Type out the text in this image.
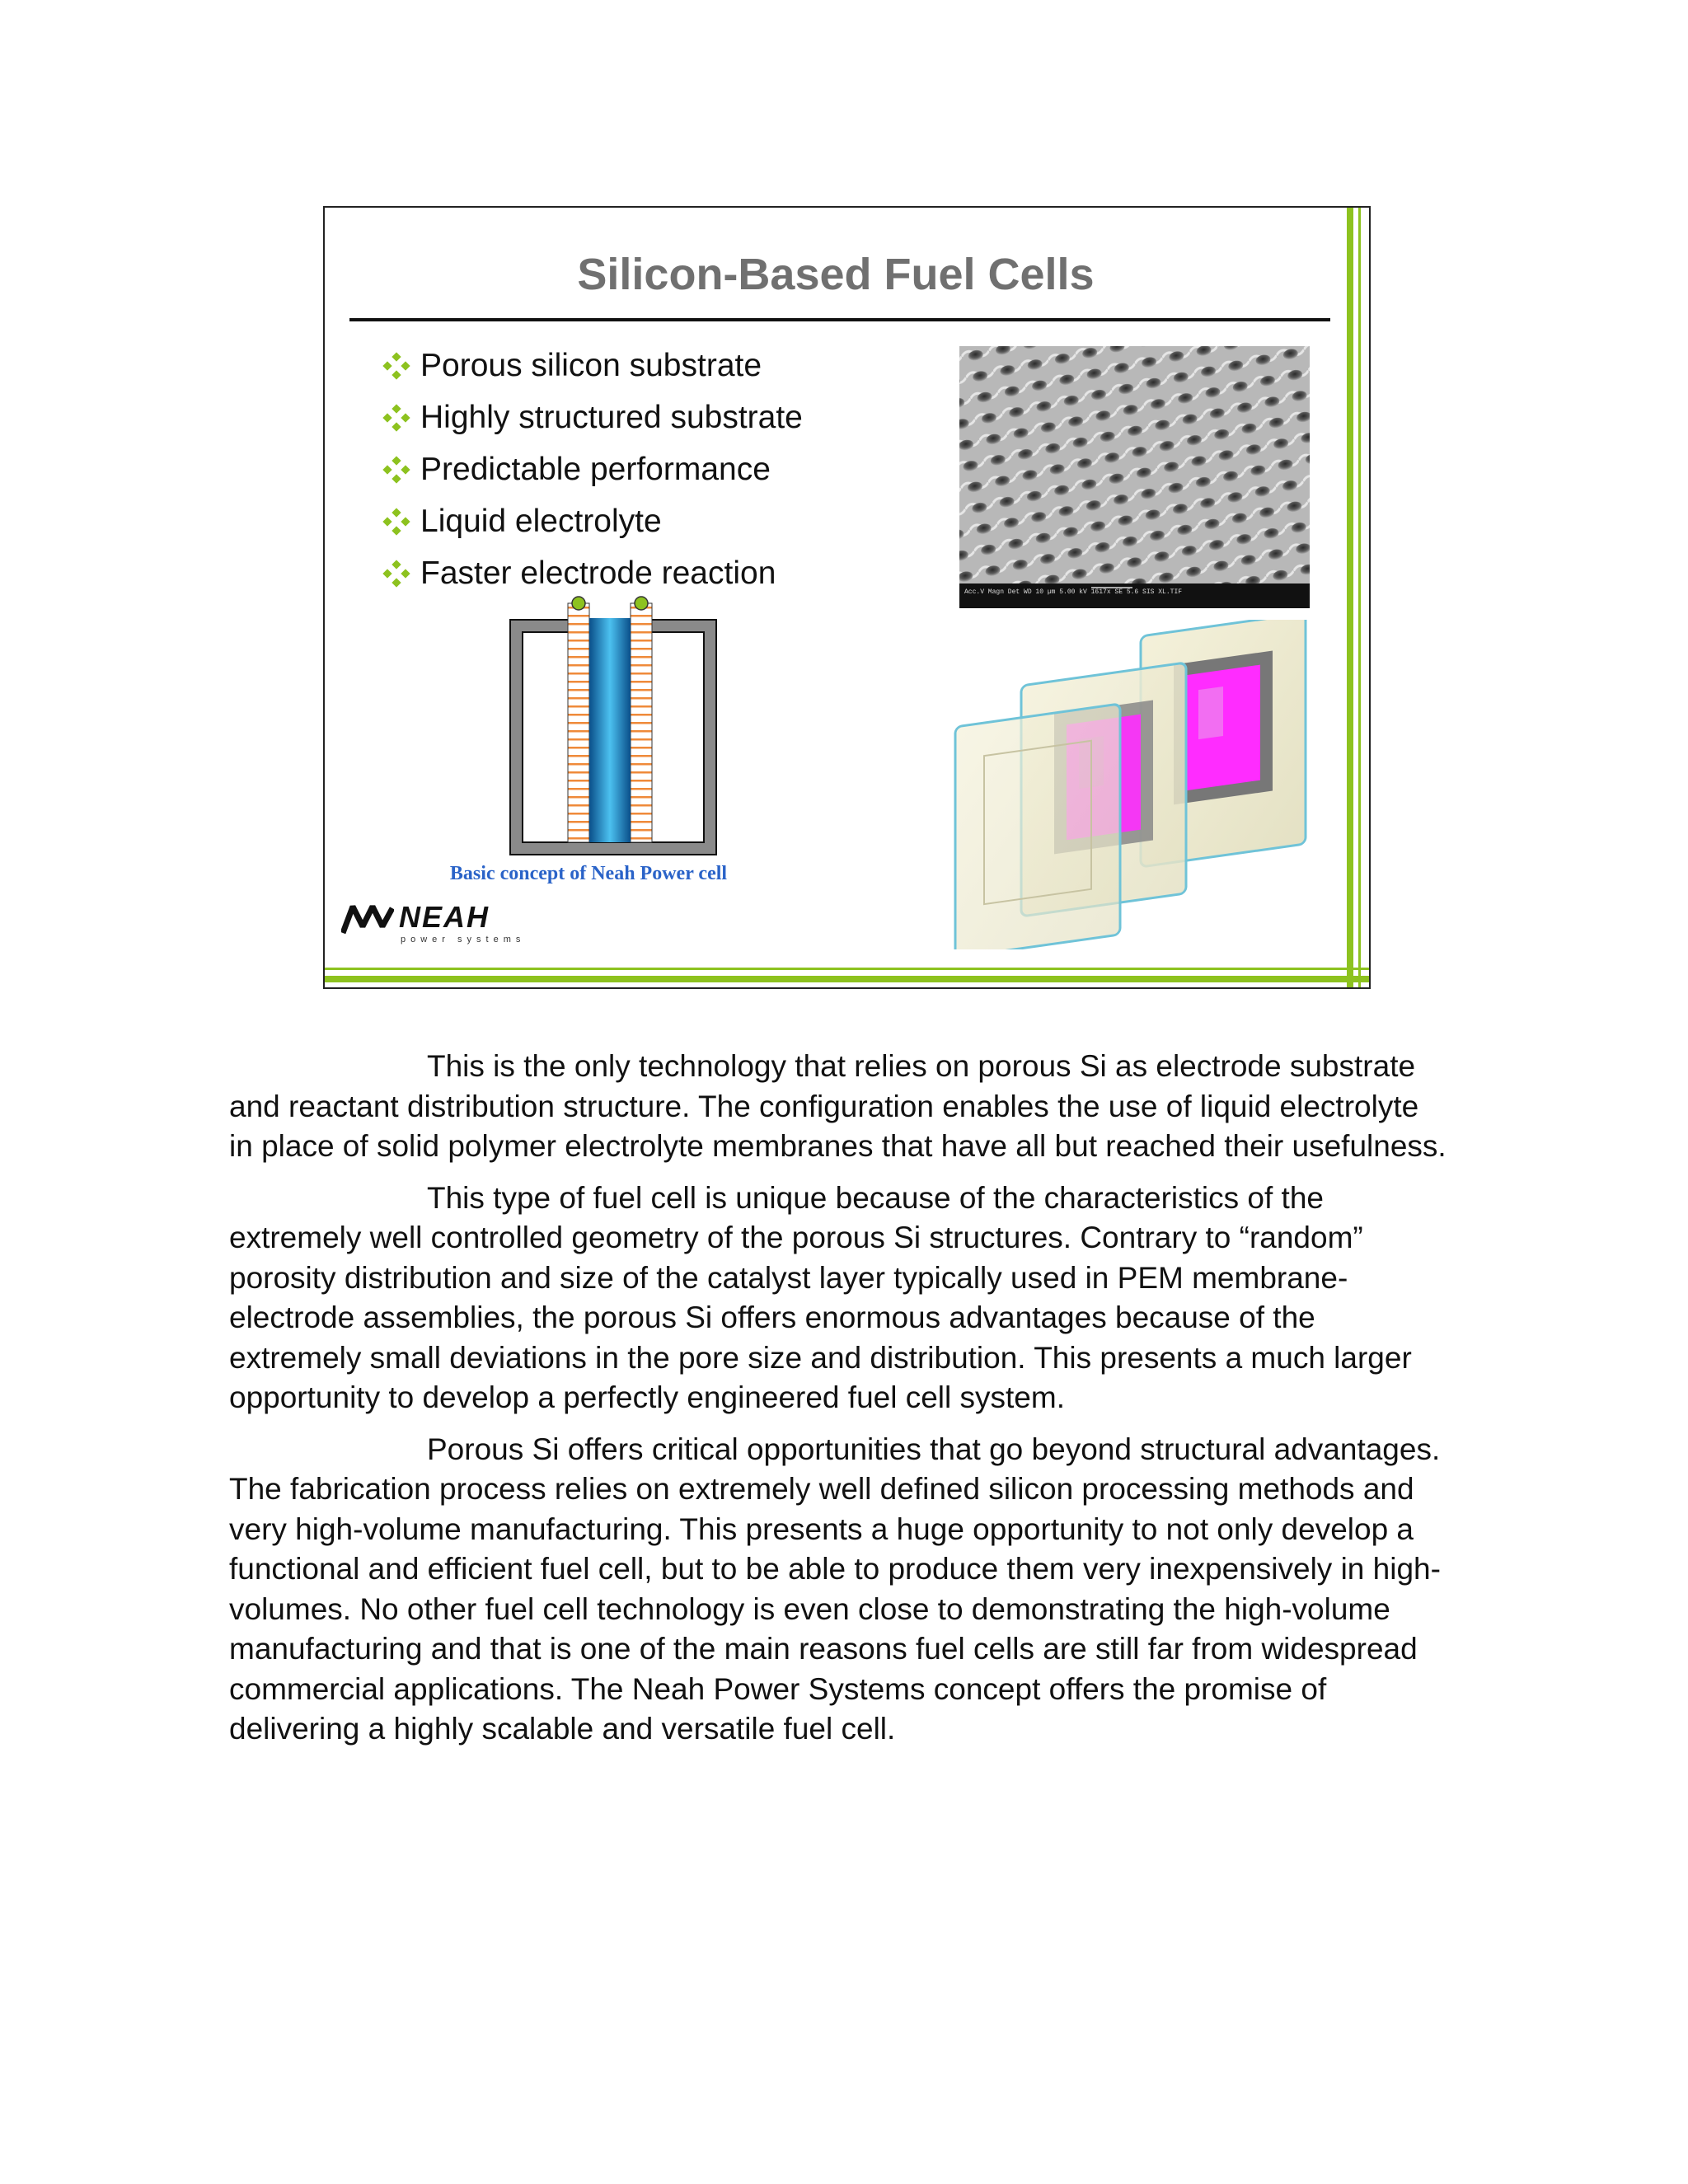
Silicon-Based Fuel Cells
Porous silicon substrate
Highly structured substrate
Predictable performance
Liquid electrolyte
Faster electrode reaction
Acc.V Magn Det WD 10 µm 5.00 kV 1617x SE 5.6 SIS XL.TIF

Basic concept of Neah Power cell

NEAH
power systems

This is the only technology that relies on porous Si as electrode substrate and reactant distribution structure. The configuration enables the use of liquid electrolyte in place of solid polymer electrolyte membranes that have all but reached their usefulness.

This type of fuel cell is unique because of the characteristics of the extremely well controlled geometry of the porous Si structures. Contrary to “random” porosity distribution and size of the catalyst layer typically used in PEM membrane-electrode assemblies, the porous Si offers enormous advantages because of the extremely small deviations in the pore size and distribution. This presents a much larger opportunity to develop a perfectly engineered fuel cell system.

Porous Si offers critical opportunities that go beyond structural advantages. The fabrication process relies on extremely well defined silicon processing methods and very high-volume manufacturing. This presents a huge opportunity to not only develop a functional and efficient fuel cell, but to be able to produce them very inexpensively in high-volumes. No other fuel cell technology is even close to demonstrating the high-volume manufacturing and that is one of the main reasons fuel cells are still far from widespread commercial applications. The Neah Power Systems concept offers the promise of delivering a highly scalable and versatile fuel cell.
